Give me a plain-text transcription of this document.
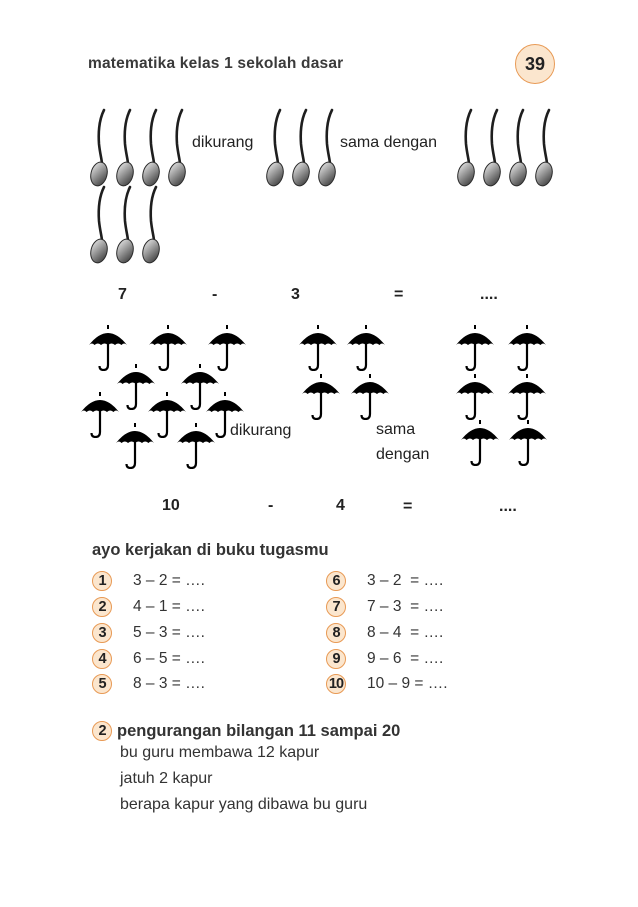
matematika kelas 1 sekolah dasar	39
dikurang	sama dengan
7	-	3	=	....
dikurang	sama
dengan
10	-	4	=	....
ayo kerjakan di buku tugasmu
1	3 – 2 = ….
2	4 – 1 = ….
3	5 – 3 = ….
4	6 – 5 = ….
5	8 – 3 = ….
6	3 – 2  = ….
7	7 – 3  = ….
8	8 – 4  = ….
9	9 – 6  = ….
10 10 – 9 = ….
2 pengurangan bilangan 11 sampai 20
bu guru membawa 12 kapur
jatuh 2 kapur
berapa kapur yang dibawa bu guru
